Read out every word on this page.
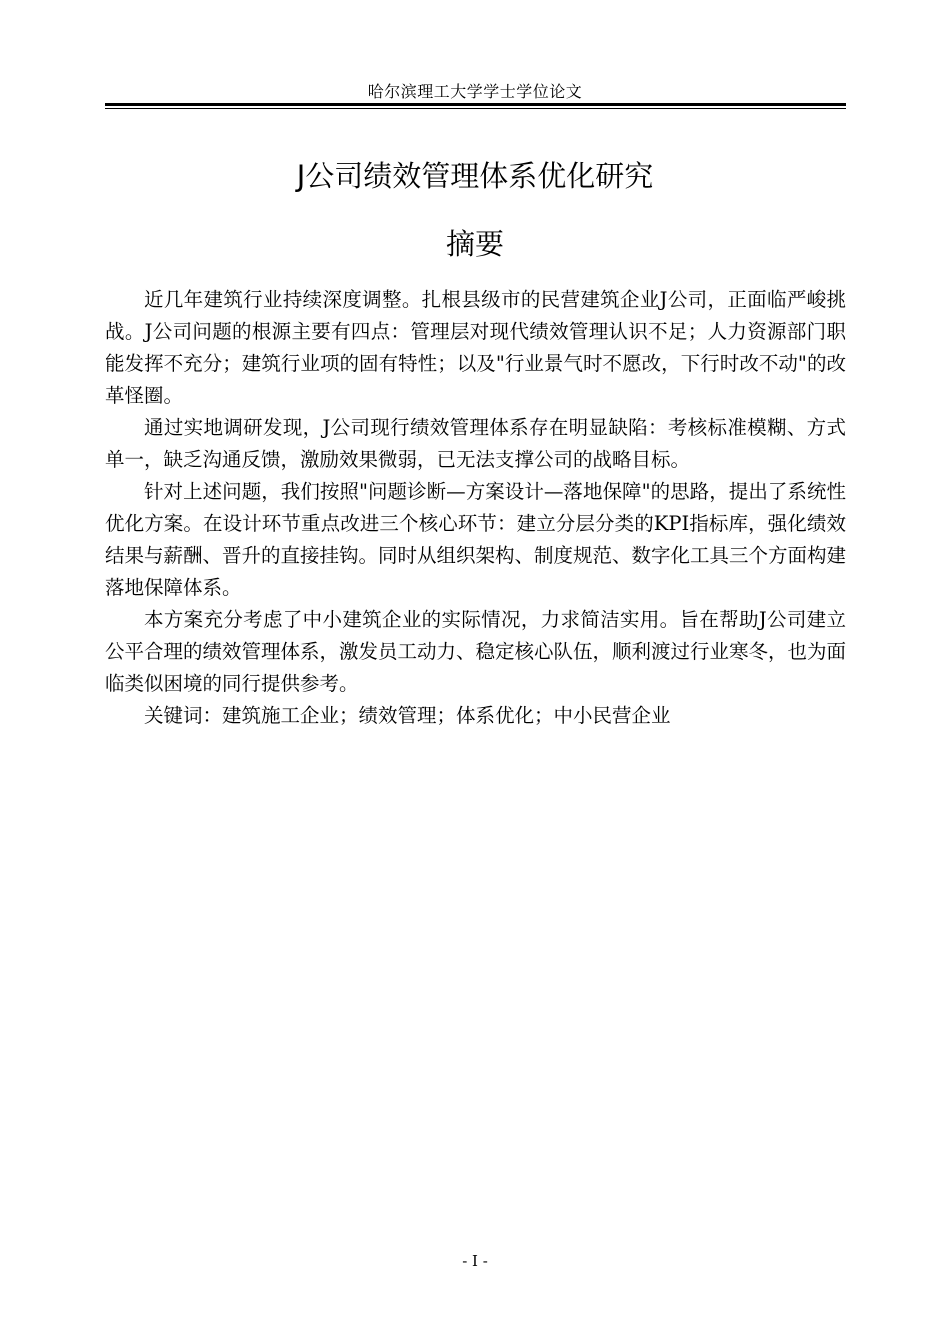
哈尔滨理工大学学士学位论文
J公司绩效管理体系优化研究
摘要

近几年建筑行业持续深度调整。扎根县级市的民营建筑企业J公司，正面临严峻挑战。J公司问题的根源主要有四点：管理层对现代绩效管理认识不足；人力资源部门职能发挥不充分；建筑行业项的固有特性；以及"行业景气时不愿改，下行时改不动"的改革怪圈。

通过实地调研发现，J公司现行绩效管理体系存在明显缺陷：考核标准模糊、方式单一，缺乏沟通反馈，激励效果微弱，已无法支撑公司的战略目标。

针对上述问题，我们按照"问题诊断—方案设计—落地保障"的思路，提出了系统性优化方案。在设计环节重点改进三个核心环节：建立分层分类的KPI指标库，强化绩效结果与薪酬、晋升的直接挂钩。同时从组织架构、制度规范、数字化工具三个方面构建落地保障体系。

本方案充分考虑了中小建筑企业的实际情况，力求简洁实用。旨在帮助J公司建立公平合理的绩效管理体系，激发员工动力、稳定核心队伍，顺利渡过行业寒冬，也为面临类似困境的同行提供参考。

关键词：建筑施工企业；绩效管理；体系优化；中小民营企业

- I -
